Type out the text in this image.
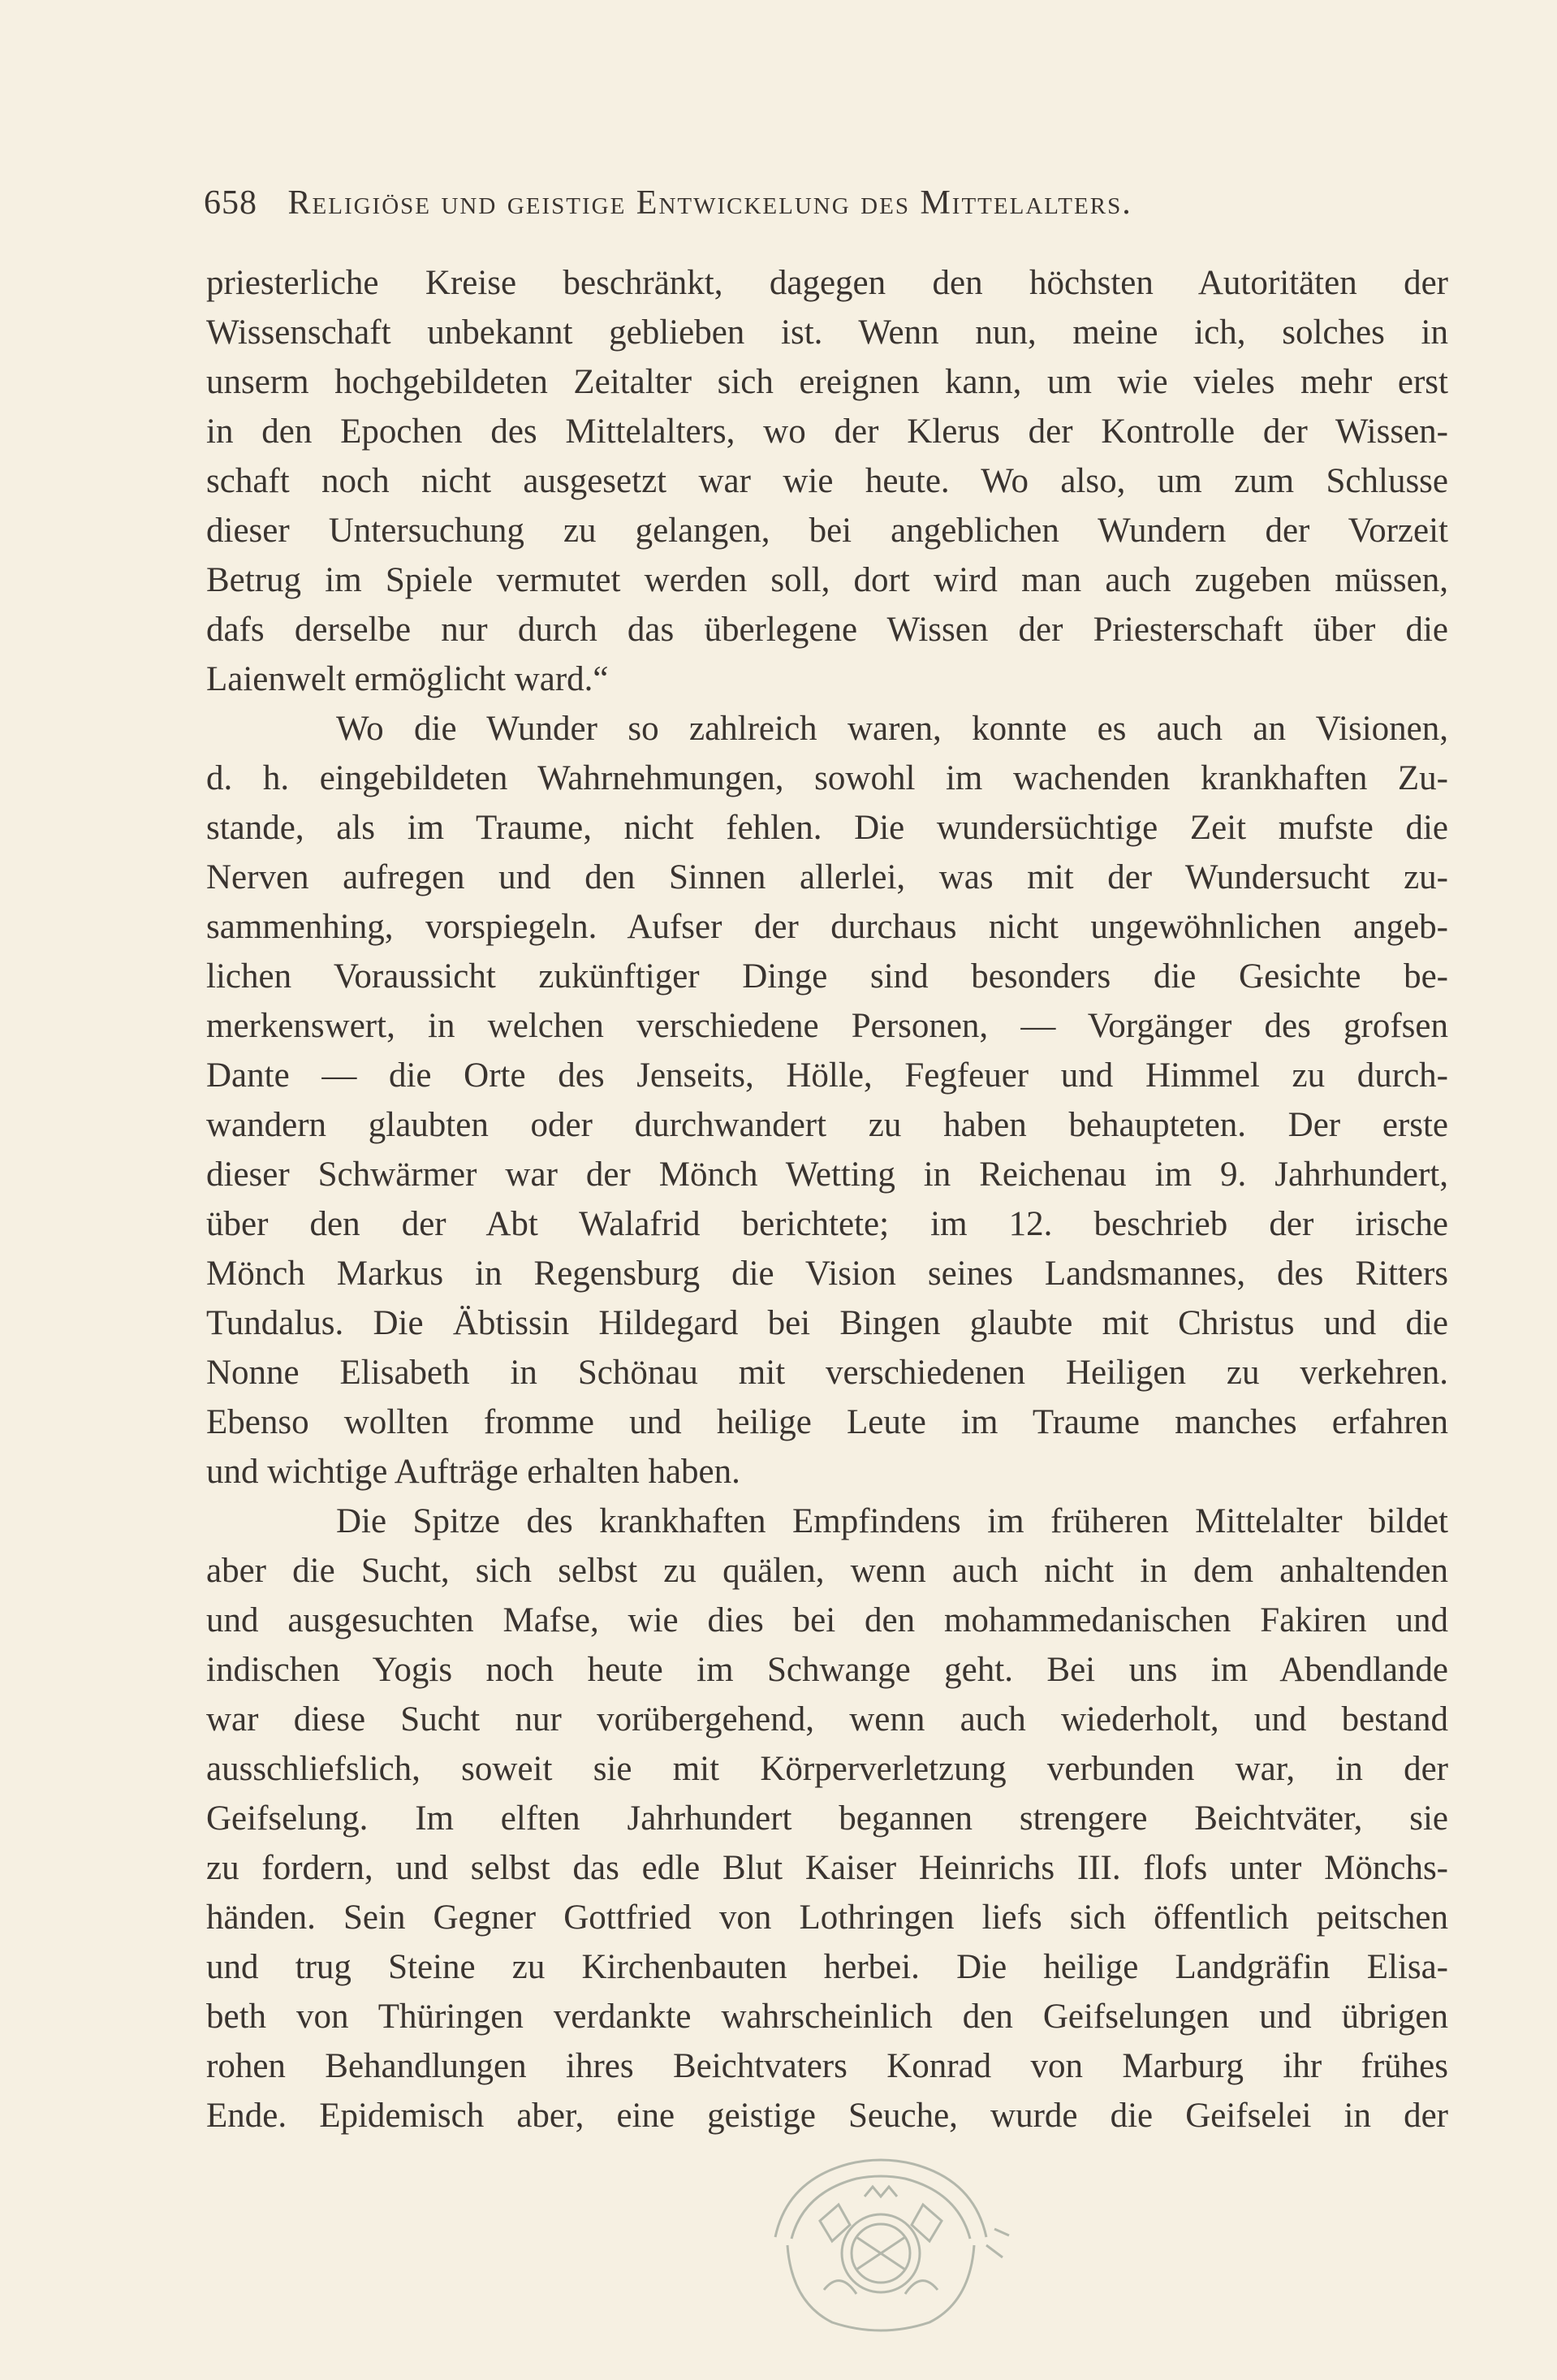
658 Religiöse und geistige Entwickelung des Mittelalters.
priesterliche Kreise beschränkt, dagegen den höchsten Autoritäten der
Wissenschaft unbekannt geblieben ist. Wenn nun, meine ich, solches in
unserm hochgebildeten Zeitalter sich ereignen kann, um wie vieles mehr erst
in den Epochen des Mittelalters, wo der Klerus der Kontrolle der Wissen-
schaft noch nicht ausgesetzt war wie heute. Wo also, um zum Schlusse
dieser Untersuchung zu gelangen, bei angeblichen Wundern der Vorzeit
Betrug im Spiele vermutet werden soll, dort wird man auch zugeben müssen,
dafs derselbe nur durch das überlegene Wissen der Priesterschaft über die
Laienwelt ermöglicht ward.“
Wo die Wunder so zahlreich waren, konnte es auch an Visionen,
d. h. eingebildeten Wahrnehmungen, sowohl im wachenden krankhaften Zu-
stande, als im Traume, nicht fehlen. Die wundersüchtige Zeit mufste die
Nerven aufregen und den Sinnen allerlei, was mit der Wundersucht zu-
sammenhing, vorspiegeln. Aufser der durchaus nicht ungewöhnlichen angeb-
lichen Voraussicht zukünftiger Dinge sind besonders die Gesichte be-
merkenswert, in welchen verschiedene Personen, — Vorgänger des grofsen
Dante — die Orte des Jenseits, Hölle, Fegfeuer und Himmel zu durch-
wandern glaubten oder durchwandert zu haben behaupteten. Der erste
dieser Schwärmer war der Mönch Wetting in Reichenau im 9. Jahrhundert,
über den der Abt Walafrid berichtete; im 12. beschrieb der irische
Mönch Markus in Regensburg die Vision seines Landsmannes, des Ritters
Tundalus. Die Äbtissin Hildegard bei Bingen glaubte mit Christus und die
Nonne Elisabeth in Schönau mit verschiedenen Heiligen zu verkehren.
Ebenso wollten fromme und heilige Leute im Traume manches erfahren
und wichtige Aufträge erhalten haben.
Die Spitze des krankhaften Empfindens im früheren Mittelalter bildet
aber die Sucht, sich selbst zu quälen, wenn auch nicht in dem anhaltenden
und ausgesuchten Mafse, wie dies bei den mohammedanischen Fakiren und
indischen Yogis noch heute im Schwange geht. Bei uns im Abendlande
war diese Sucht nur vorübergehend, wenn auch wiederholt, und bestand
ausschliefslich, soweit sie mit Körperverletzung verbunden war, in der
Geifselung. Im elften Jahrhundert begannen strengere Beichtväter, sie
zu fordern, und selbst das edle Blut Kaiser Heinrichs III. flofs unter Mönchs-
händen. Sein Gegner Gottfried von Lothringen liefs sich öffentlich peitschen
und trug Steine zu Kirchenbauten herbei. Die heilige Landgräfin Elisa-
beth von Thüringen verdankte wahrscheinlich den Geifselungen und übrigen
rohen Behandlungen ihres Beichtvaters Konrad von Marburg ihr frühes
Ende. Epidemisch aber, eine geistige Seuche, wurde die Geifselei in der
